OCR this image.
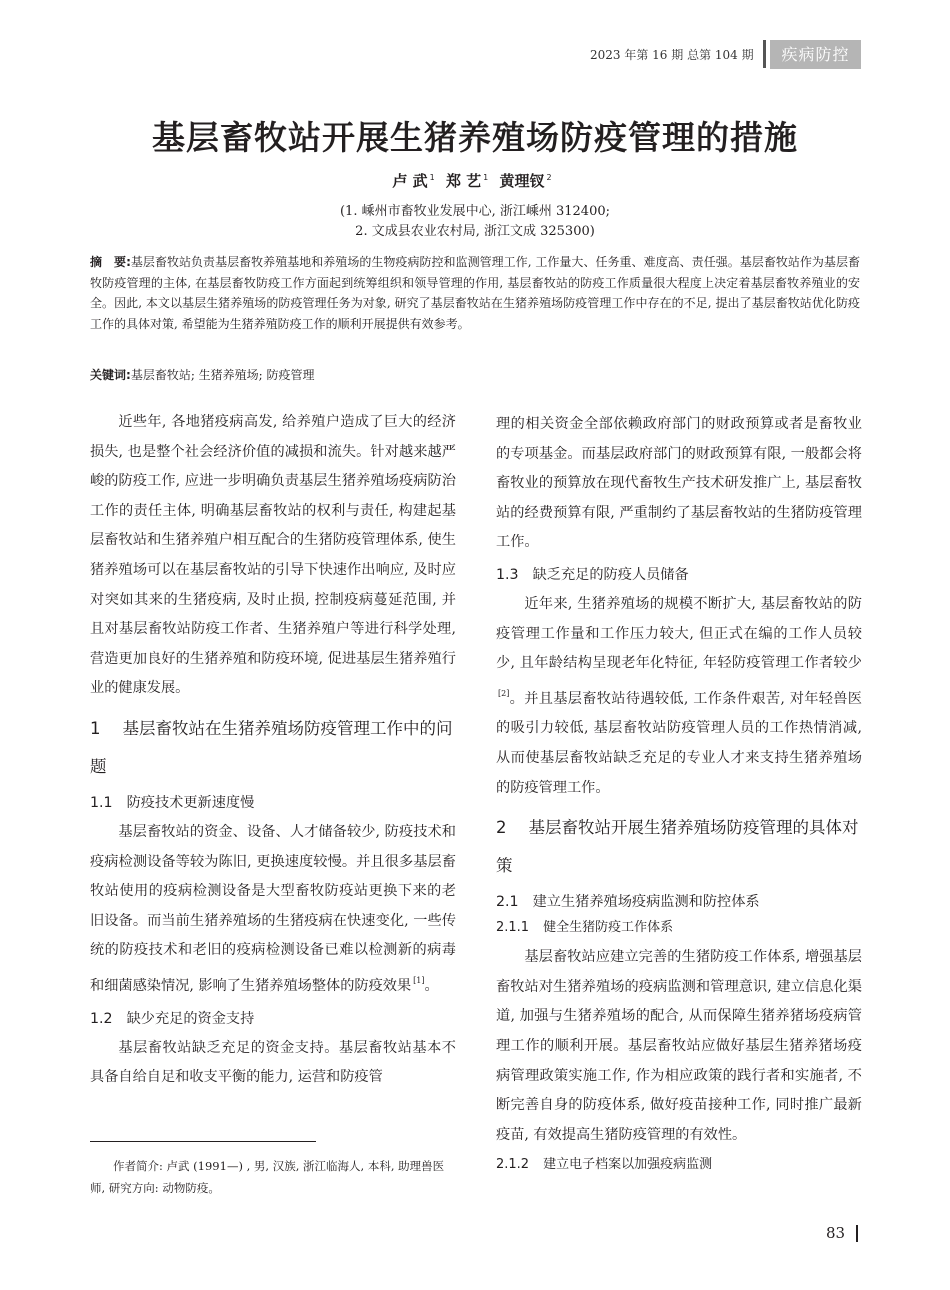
2023 年第 16 期 总第 104 期	疾病防控
基层畜牧站开展生猪养殖场防疫管理的措施
卢 武 $^1$ 郑 艺 $^1$ 黄理钗 $^2$
(1. 嵊州市畜牧业发展中心, 浙江嵊州 312400;
2. 文成县农业农村局, 浙江文成 325300)
摘　要:基层畜牧站负责基层畜牧养殖基地和养殖场的生物疫病防控和监测管理工作, 工作量大、任务重、难度高、责任强。基层畜牧站作为基层畜牧防疫管理的主体, 在基层畜牧防疫工作方面起到统筹组织和领导管理的作用, 基层畜牧站的防疫工作质量很大程度上决定着基层畜牧养殖业的安全。因此, 本文以基层生猪养殖场的防疫管理任务为对象, 研究了基层畜牧站在生猪养殖场防疫管理工作中存在的不足, 提出了基层畜牧站优化防疫工作的具体对策, 希望能为生猪养殖防疫工作的顺利开展提供有效参考。
关键词:基层畜牧站; 生猪养殖场; 防疫管理

近些年, 各地猪疫病高发, 给养殖户造成了巨大的经济损失, 也是整个社会经济价值的减损和流失。针对越来越严峻的防疫工作, 应进一步明确负责基层生猪养殖场疫病防治工作的责任主体, 明确基层畜牧站的权利与责任, 构建起基层畜牧站和生猪养殖户相互配合的生猪防疫管理体系, 使生猪养殖场可以在基层畜牧站的引导下快速作出响应, 及时应对突如其来的生猪疫病, 及时止损, 控制疫病蔓延范围, 并且对基层畜牧站防疫工作者、生猪养殖户等进行科学处理, 营造更加良好的生猪养殖和防疫环境, 促进基层生猪养殖行业的健康发展。

1 基层畜牧站在生猪养殖场防疫管理工作中的问题
1.1 防疫技术更新速度慢

基层畜牧站的资金、设备、人才储备较少, 防疫技术和疫病检测设备等较为陈旧, 更换速度较慢。并且很多基层畜牧站使用的疫病检测设备是大型畜牧防疫站更换下来的老旧设备。而当前生猪养殖场的生猪疫病在快速变化, 一些传统的防疫技术和老旧的疫病检测设备已难以检测新的病毒和细菌感染情况, 影响了生猪养殖场整体的防疫效果 [1]。

1.2 缺少充足的资金支持

基层畜牧站缺乏充足的资金支持。基层畜牧站基本不具备自给自足和收支平衡的能力, 运营和防疫管

作者简介: 卢武 (1991—) , 男, 汉族, 浙江临海人, 本科, 助理兽医师, 研究方向: 动物防疫。

理的相关资金全部依赖政府部门的财政预算或者是畜牧业的专项基金。而基层政府部门的财政预算有限, 一般都会将畜牧业的预算放在现代畜牧生产技术研发推广上, 基层畜牧站的经费预算有限, 严重制约了基层畜牧站的生猪防疫管理工作。

1.3 缺乏充足的防疫人员储备

近年来, 生猪养殖场的规模不断扩大, 基层畜牧站的防疫管理工作量和工作压力较大, 但正式在编的工作人员较少, 且年龄结构呈现老年化特征, 年轻防疫管理工作者较少[2]。并且基层畜牧站待遇较低, 工作条件艰苦, 对年轻兽医的吸引力较低, 基层畜牧站防疫管理人员的工作热情消减, 从而使基层畜牧站缺乏充足的专业人才来支持生猪养殖场的防疫管理工作。

2 基层畜牧站开展生猪养殖场防疫管理的具体对策
2.1 建立生猪养殖场疫病监测和防控体系
2.1.1 健全生猪防疫工作体系

基层畜牧站应建立完善的生猪防疫工作体系, 增强基层畜牧站对生猪养殖场的疫病监测和管理意识, 建立信息化渠道, 加强与生猪养殖场的配合, 从而保障生猪养猪场疫病管理工作的顺利开展。基层畜牧站应做好基层生猪养猪场疫病管理政策实施工作, 作为相应政策的践行者和实施者, 不断完善自身的防疫体系, 做好疫苗接种工作, 同时推广最新疫苗, 有效提高生猪防疫管理的有效性。

2.1.2 建立电子档案以加强疫病监测
83
